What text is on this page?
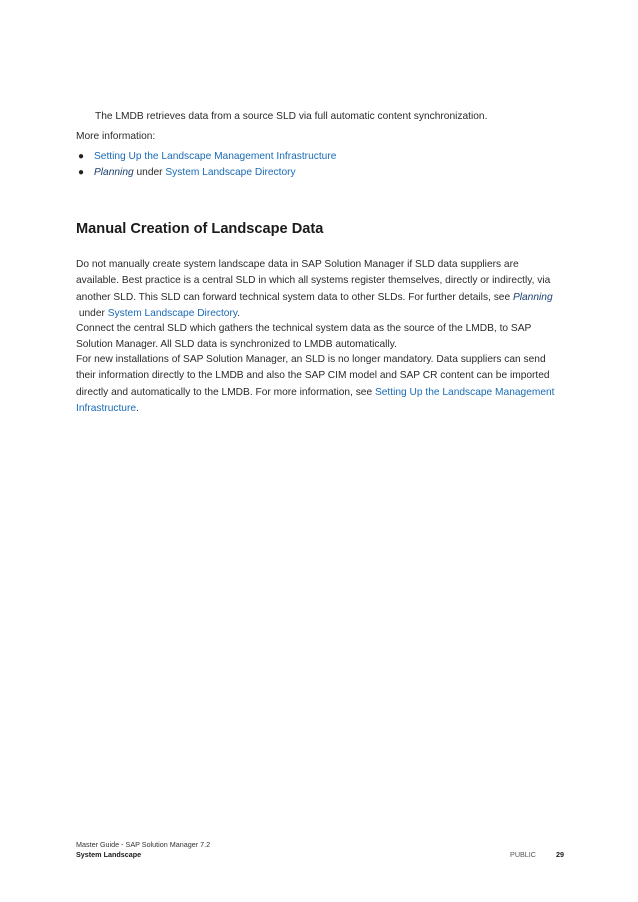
The LMDB retrieves data from a source SLD via full automatic content synchronization.

More information:

● Setting Up the Landscape Management Infrastructure
● Planning under System Landscape Directory
Manual Creation of Landscape Data

Do not manually create system landscape data in SAP Solution Manager if SLD data suppliers are available. Best practice is a central SLD in which all systems register themselves, directly or indirectly, via another SLD. This SLD can forward technical system data to other SLDs. For further details, see Planning under System Landscape Directory.

Connect the central SLD which gathers the technical system data as the source of the LMDB, to SAP Solution Manager. All SLD data is synchronized to LMDB automatically.

For new installations of SAP Solution Manager, an SLD is no longer mandatory. Data suppliers can send their information directly to the LMDB and also the SAP CIM model and SAP CR content can be imported directly and automatically to the LMDB. For more information, see Setting Up the Landscape Management Infrastructure.

Master Guide - SAP Solution Manager 7.2
System Landscape	PUBLIC	29
